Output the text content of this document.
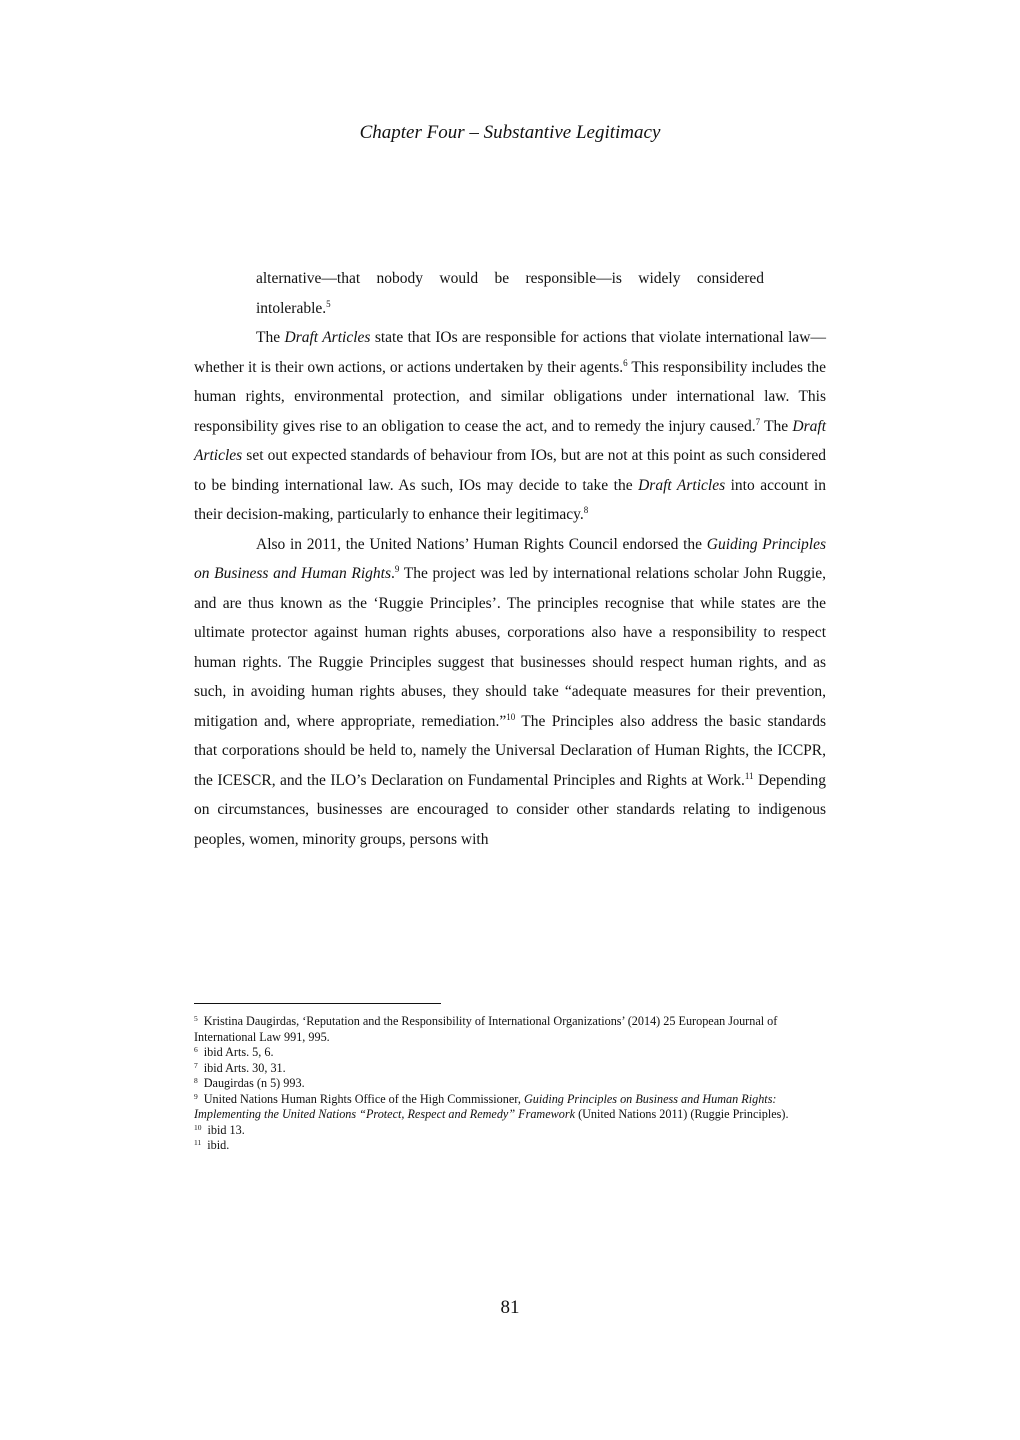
Chapter Four – Substantive Legitimacy

alternative—that nobody would be responsible—is widely considered intolerable.$^5$

The Draft Articles state that IOs are responsible for actions that violate international law—whether it is their own actions, or actions undertaken by their agents.$^6$ This responsibility includes the human rights, environmental protection, and similar obligations under international law. This responsibility gives rise to an obligation to cease the act, and to remedy the injury caused.$^7$ The Draft Articles set out expected standards of behaviour from IOs, but are not at this point as such considered to be binding international law. As such, IOs may decide to take the Draft Articles into account in their decision-making, particularly to enhance their legitimacy.$^8$

Also in 2011, the United Nations’ Human Rights Council endorsed the Guiding Principles on Business and Human Rights.$^9$ The project was led by international relations scholar John Ruggie, and are thus known as the ‘Ruggie Principles’. The principles recognise that while states are the ultimate protector against human rights abuses, corporations also have a responsibility to respect human rights. The Ruggie Principles suggest that businesses should respect human rights, and as such, in avoiding human rights abuses, they should take “adequate measures for their prevention, mitigation and, where appropriate, remediation.”$^{10}$ The Principles also address the basic standards that corporations should be held to, namely the Universal Declaration of Human Rights, the ICCPR, the ICESCR, and the ILO’s Declaration on Fundamental Principles and Rights at Work.$^{11}$ Depending on circumstances, businesses are encouraged to consider other standards relating to indigenous peoples, women, minority groups, persons with

$^5$ Kristina Daugirdas, ‘Reputation and the Responsibility of International Organizations’ (2014) 25 European Journal of International Law 991, 995.

$^6$ ibid Arts. 5, 6.

$^7$ ibid Arts. 30, 31.

$^8$ Daugirdas (n 5) 993.

$^9$ United Nations Human Rights Office of the High Commissioner, Guiding Principles on Business and Human Rights: Implementing the United Nations “Protect, Respect and Remedy” Framework (United Nations 2011) (Ruggie Principles).

$^{10}$ ibid 13.

$^{11}$ ibid.

81
